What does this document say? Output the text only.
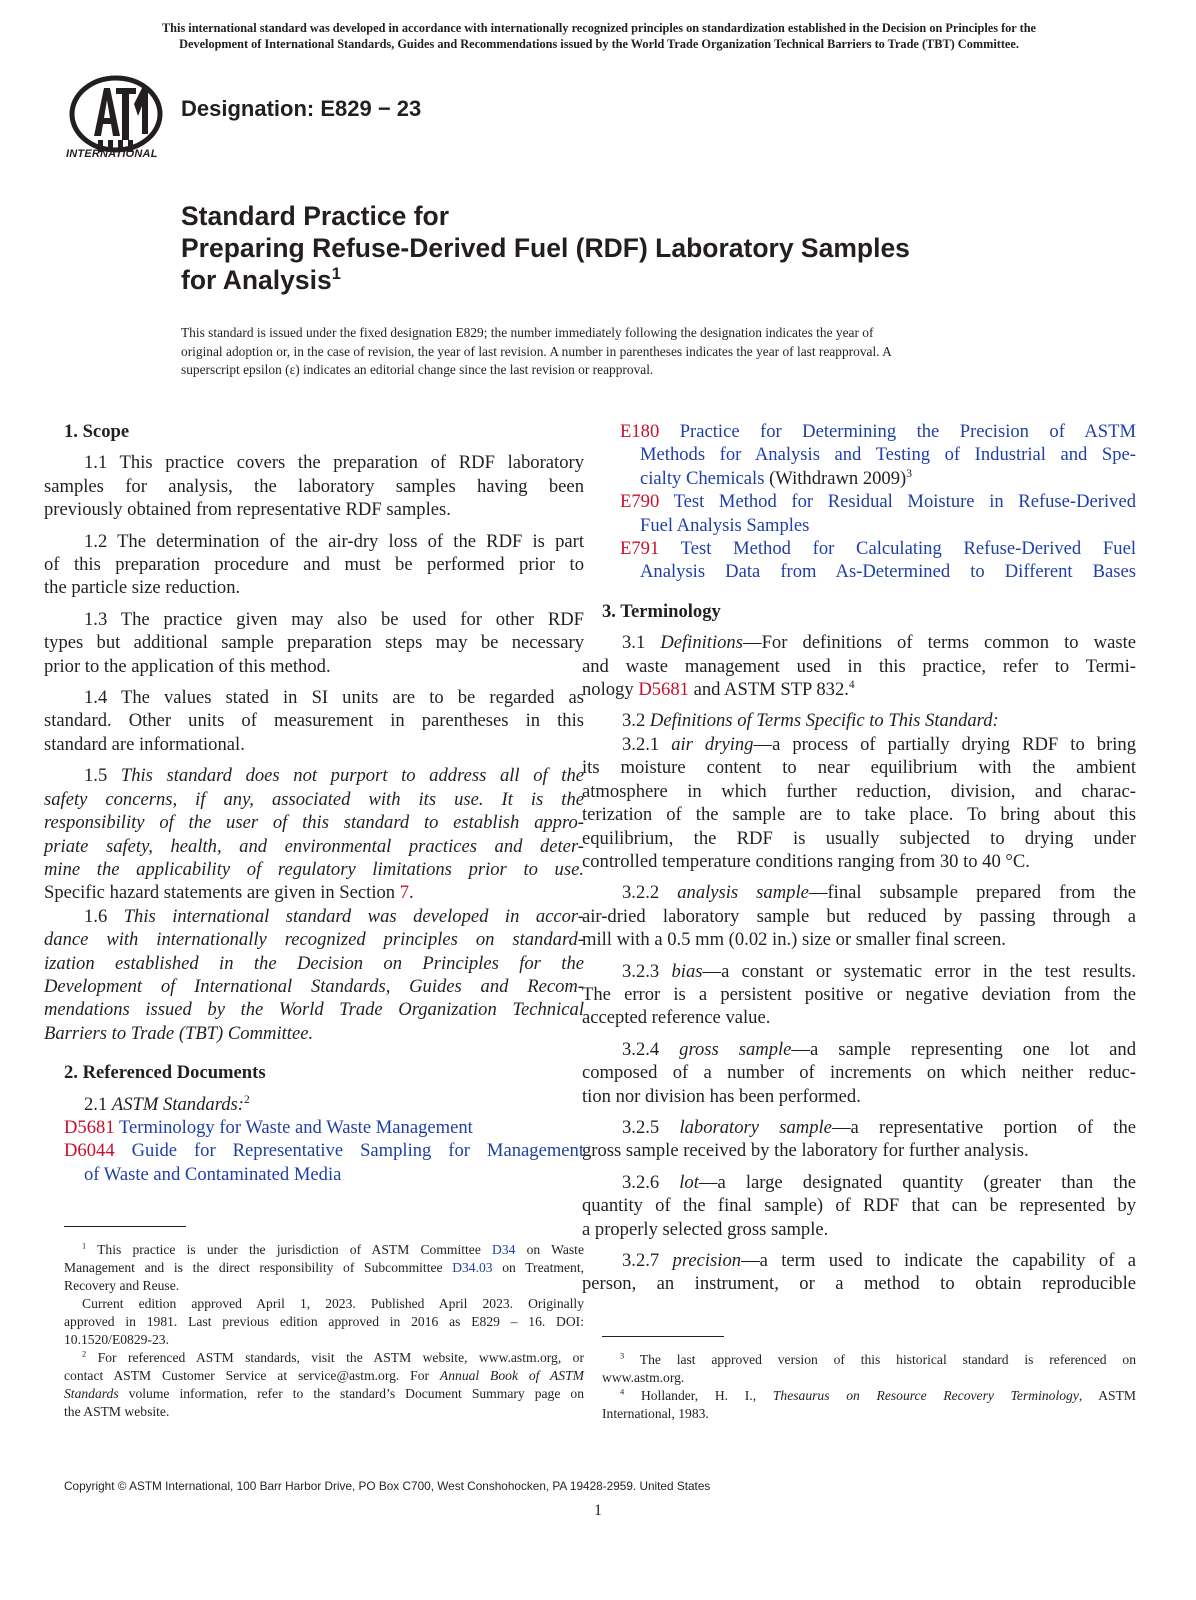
This international standard was developed in accordance with internationally recognized principles on standardization established in the Decision on Principles for the
Development of International Standards, Guides and Recommendations issued by the World Trade Organization Technical Barriers to Trade (TBT) Committee.
INTERNATIONAL
Designation: E829 − 23
Standard Practice for
Preparing Refuse-Derived Fuel (RDF) Laboratory Samples
for Analysis$^1$
This standard is issued under the fixed designation E829; the number immediately following the designation indicates the year of
original adoption or, in the case of revision, the year of last revision. A number in parentheses indicates the year of last reapproval. A
superscript epsilon (ε) indicates an editorial change since the last revision or reapproval.
1. Scope
1.1 This practice covers the preparation of RDF laboratory
samples for analysis, the laboratory samples having been
previously obtained from representative RDF samples.
1.2 The determination of the air-dry loss of the RDF is part
of this preparation procedure and must be performed prior to
the particle size reduction.
1.3 The practice given may also be used for other RDF
types but additional sample preparation steps may be necessary
prior to the application of this method.
1.4 The values stated in SI units are to be regarded as
standard. Other units of measurement in parentheses in this
standard are informational.
1.5 This standard does not purport to address all of the
safety concerns, if any, associated with its use. It is the
responsibility of the user of this standard to establish appro-
priate safety, health, and environmental practices and deter-
mine the applicability of regulatory limitations prior to use.
Specific hazard statements are given in Section 7.
1.6 This international standard was developed in accor-
dance with internationally recognized principles on standard-
ization established in the Decision on Principles for the
Development of International Standards, Guides and Recom-
mendations issued by the World Trade Organization Technical
Barriers to Trade (TBT) Committee.
2. Referenced Documents
2.1 ASTM Standards:$^2$
D5681 Terminology for Waste and Waste Management
D6044 Guide for Representative Sampling for Management
of Waste and Contaminated Media

$^1$ This practice is under the jurisdiction of ASTM Committee D34 on Waste

Management and is the direct responsibility of Subcommittee D34.03 on Treatment,

Recovery and Reuse.

Current edition approved April 1, 2023. Published April 2023. Originally

approved in 1981. Last previous edition approved in 2016 as E829 – 16. DOI:

10.1520/E0829-23.

$^2$ For referenced ASTM standards, visit the ASTM website, www.astm.org, or

contact ASTM Customer Service at service@astm.org. For Annual Book of ASTM

Standards volume information, refer to the standard’s Document Summary page on

the ASTM website.

E180 Practice for Determining the Precision of ASTM
Methods for Analysis and Testing of Industrial and Spe-
cialty Chemicals (Withdrawn 2009)$^3$
E790 Test Method for Residual Moisture in Refuse-Derived
Fuel Analysis Samples
E791 Test Method for Calculating Refuse-Derived Fuel
Analysis Data from As-Determined to Different Bases
3. Terminology
3.1 Definitions—For definitions of terms common to waste
and waste management used in this practice, refer to Termi-
nology D5681 and ASTM STP 832.$^4$
3.2 Definitions of Terms Specific to This Standard:
3.2.1 air drying—a process of partially drying RDF to bring
its moisture content to near equilibrium with the ambient
atmosphere in which further reduction, division, and charac-
terization of the sample are to take place. To bring about this
equilibrium, the RDF is usually subjected to drying under
controlled temperature conditions ranging from 30 to 40 °C.
3.2.2 analysis sample—final subsample prepared from the
air-dried laboratory sample but reduced by passing through a
mill with a 0.5 mm (0.02 in.) size or smaller final screen.
3.2.3 bias—a constant or systematic error in the test results.
The error is a persistent positive or negative deviation from the
accepted reference value.
3.2.4 gross sample—a sample representing one lot and
composed of a number of increments on which neither reduc-
tion nor division has been performed.
3.2.5 laboratory sample—a representative portion of the
gross sample received by the laboratory for further analysis.
3.2.6 lot—a large designated quantity (greater than the
quantity of the final sample) of RDF that can be represented by
a properly selected gross sample.
3.2.7 precision—a term used to indicate the capability of a
person, an instrument, or a method to obtain reproducible

$^3$ The last approved version of this historical standard is referenced on

www.astm.org.

$^4$ Hollander, H. I., Thesaurus on Resource Recovery Terminology, ASTM

International, 1983.

Copyright © ASTM International, 100 Barr Harbor Drive, PO Box C700, West Conshohocken, PA 19428-2959. United States
1
